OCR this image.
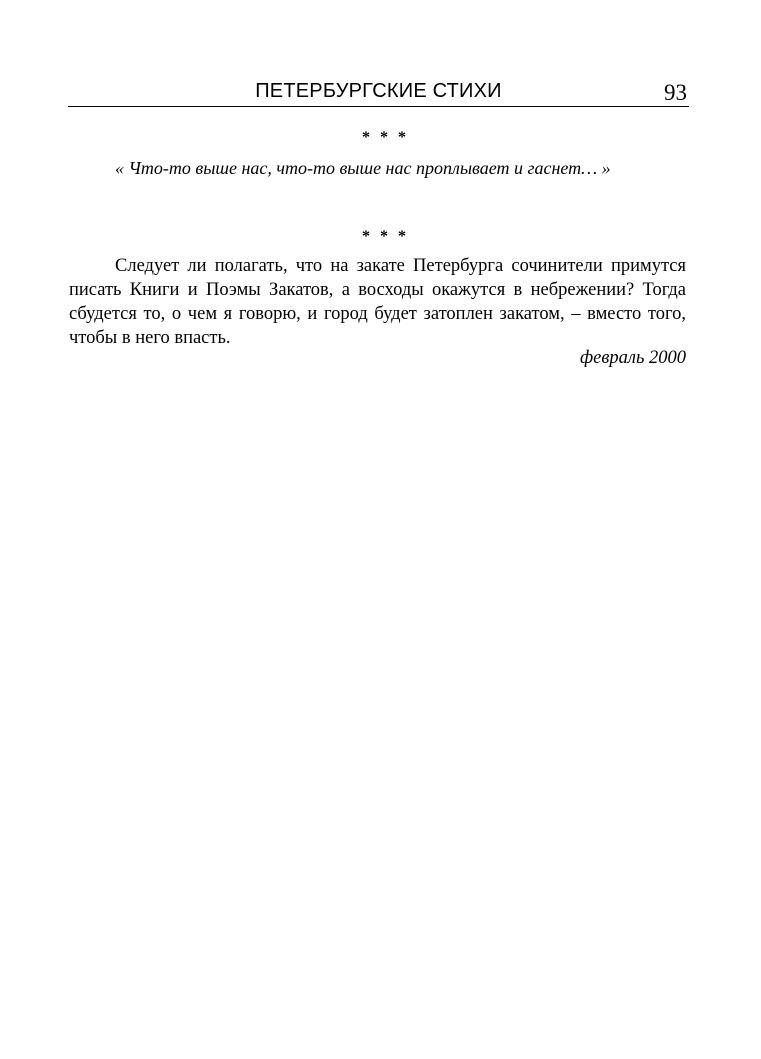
ПЕТЕРБУРГСКИЕ СТИХИ	93
* * *
« Что-то выше нас, что-то выше нас проплывает и гаснет… »
* * *

Следует ли полагать, что на закате Петербурга сочинители примутся писать Книги и Поэмы Закатов, а восходы окажутся в небрежении? Тогда сбудется то, о чем я говорю, и город будет затоплен закатом, – вместо того, чтобы в него впасть.

февраль 2000
